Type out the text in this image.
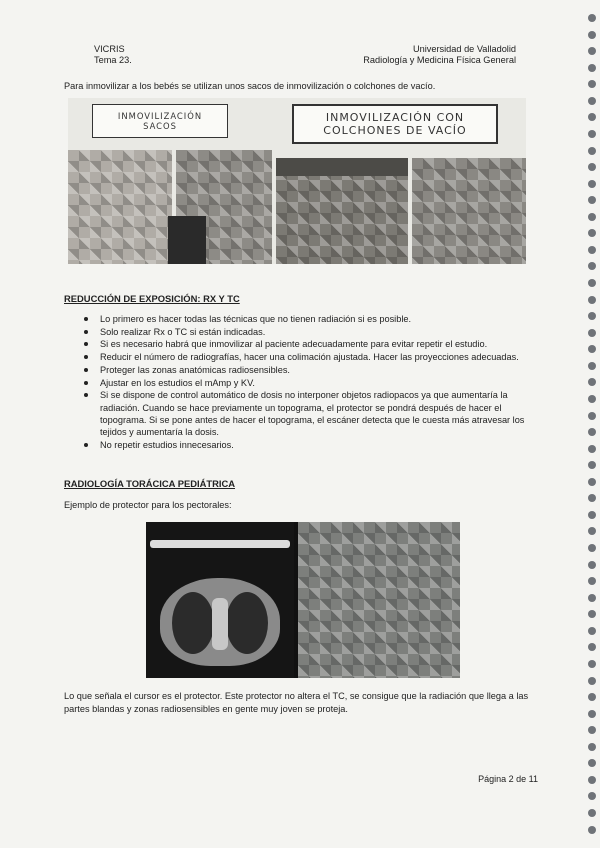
VICRIS
Tema 23.
Universidad de Valladolid
Radiología y Medicina Física General
Para inmovilizar a los bebés se utilizan unos sacos de inmovilización o colchones de vacío.
INMOVILIZACIÓN
SACOS
INMOVILIZACIÓN CON
COLCHONES DE VACÍO
REDUCCIÓN DE EXPOSICIÓN: RX Y TC
Lo primero es hacer todas las técnicas que no tienen radiación si es posible.
Solo realizar Rx o TC si están indicadas.
Si es necesario habrá que inmovilizar al paciente adecuadamente para evitar repetir el estudio.
Reducir el número de radiografías, hacer una colimación ajustada. Hacer las proyecciones adecuadas.
Proteger las zonas anatómicas radiosensibles.
Ajustar en los estudios el mAmp y KV.
Si se dispone de control automático de dosis no interponer objetos radiopacos ya que aumentaría la radiación. Cuando se hace previamente un topograma, el protector se pondrá después de hacer el topograma. Si se pone antes de hacer el topograma, el escáner detecta que le cuesta más atravesar los tejidos y aumentaría la dosis.
No repetir estudios innecesarios.
RADIOLOGÍA TORÁCICA PEDIÁTRICA
Ejemplo de protector para los pectorales:
Lo que señala el cursor es el protector. Este protector no altera el TC, se consigue que la radiación que llega a las partes blandas y zonas radiosensibles en gente muy joven se proteja.
Página 2 de 11
